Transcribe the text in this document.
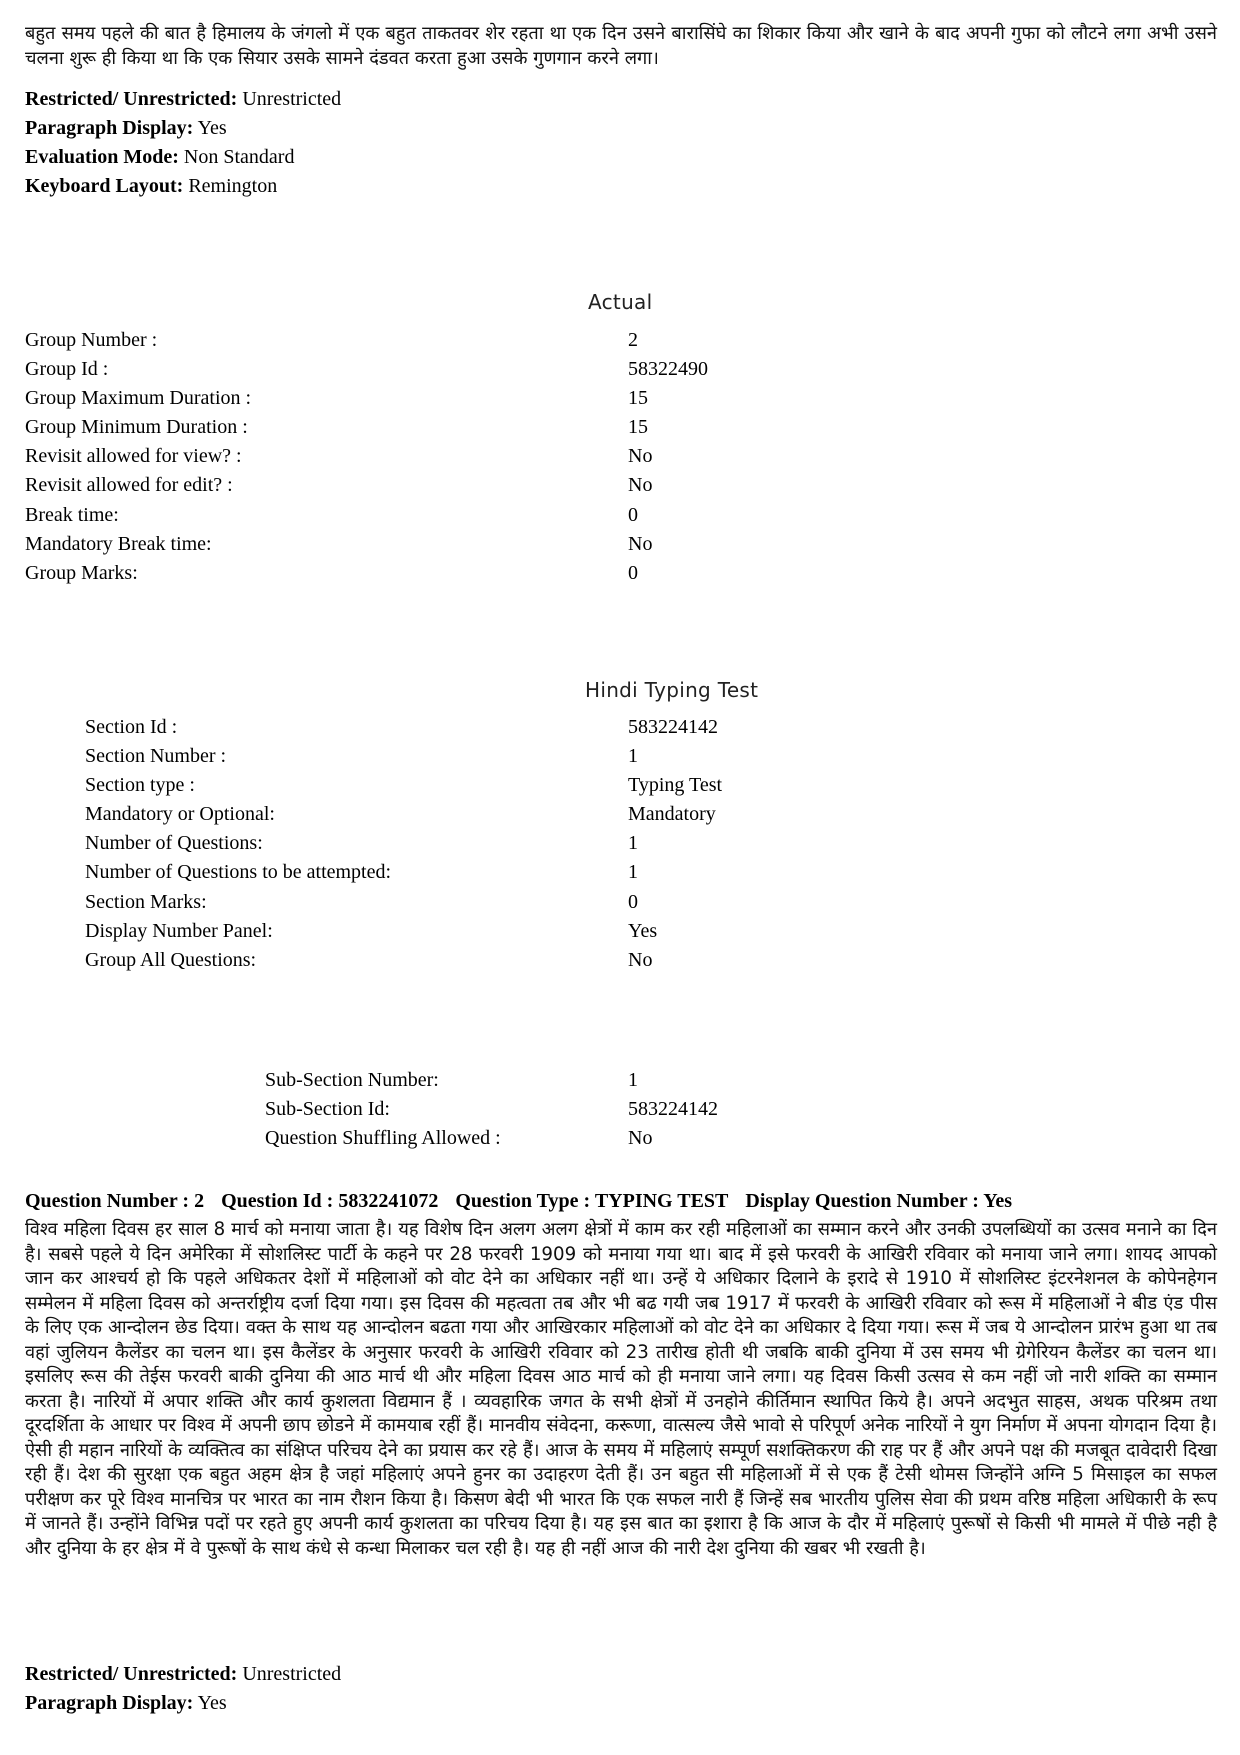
बहुत समय पहले की बात है हिमालय के जंगलो में एक बहुत ताकतवर शेर रहता था एक दिन उसने बारासिंघे का शिकार किया और खाने के बाद अपनी गुफा को लौटने लगा अभी उसने चलना शुरू ही किया था कि एक सियार उसके सामने दंडवत करता हुआ उसके गुणगान करने लगा।

Restricted/ Unrestricted: Unrestricted
Paragraph Display: Yes
Evaluation Mode: Non Standard
Keyboard Layout: Remington
Actual
Group Number :	2
Group Id :	58322490
Group Maximum Duration :	15
Group Minimum Duration :	15
Revisit allowed for view? :	No
Revisit allowed for edit? :	No
Break time:	0
Mandatory Break time:	No
Group Marks:	0
Hindi Typing Test
Section Id :	583224142
Section Number :	1
Section type :	Typing Test
Mandatory or Optional:	Mandatory
Number of Questions:	1
Number of Questions to be attempted:	1
Section Marks:	0
Display Number Panel:	Yes
Group All Questions:	No
Sub-Section Number:	1
Sub-Section Id:	583224142
Question Shuffling Allowed :	No
Question Number : 2 Question Id : 5832241072 Question Type : TYPING TEST Display Question Number : Yes

विश्व महिला दिवस हर साल 8 मार्च को मनाया जाता है। यह विशेष दिन अलग अलग क्षेत्रों में काम कर रही महिलाओं का सम्मान करने और उनकी उपलब्धियों का उत्सव मनाने का दिन है। सबसे पहले ये दिन अमेरिका में सोशलिस्ट पार्टी के कहने पर 28 फरवरी 1909 को मनाया गया था। बाद में इसे फरवरी के आखिरी रविवार को मनाया जाने लगा। शायद आपको जान कर आश्चर्य हो कि पहले अधिकतर देशों में महिलाओं को वोट देने का अधिकार नहीं था। उन्हें ये अधिकार दिलाने के इरादे से 1910 में सोशलिस्ट इंटरनेशनल के कोपेनहेगन सम्मेलन में महिला दिवस को अन्तर्राष्ट्रीय दर्जा दिया गया। इस दिवस की महत्वता तब और भी बढ गयी जब 1917 में फरवरी के आखिरी रविवार को रूस में महिलाओं ने बीड एंड पीस के लिए एक आन्दोलन छेड दिया। वक्त के साथ यह आन्दोलन बढता गया और आखिरकार महिलाओं को वोट देने का अधिकार दे दिया गया। रूस में जब ये आन्दोलन प्रारंभ हुआ था तब वहां जुलियन कैलेंडर का चलन था। इस कैलेंडर के अनुसार फरवरी के आखिरी रविवार को 23 तारीख होती थी जबकि बाकी दुनिया में उस समय भी ग्रेगेरियन कैलेंडर का चलन था। इसलिए रूस की तेईस फरवरी बाकी दुनिया की आठ मार्च थी और महिला दिवस आठ मार्च को ही मनाया जाने लगा। यह दिवस किसी उत्सव से कम नहीं जो नारी शक्ति का सम्मान करता है। नारियों में अपार शक्ति और कार्य कुशलता विद्यमान हैं । व्यवहारिक जगत के सभी क्षेत्रों में उनहोने कीर्तिमान स्थापित किये है। अपने अदभुत साहस, अथक परिश्रम तथा दूरदर्शिता के आधार पर विश्व में अपनी छाप छोडने में कामयाब रहीं हैं। मानवीय संवेदना, करूणा, वात्सल्य जैसे भावो से परिपूर्ण अनेक नारियों ने युग निर्माण में अपना योगदान दिया है। ऐसी ही महान नारियों के व्यक्तित्व का संक्षिप्त परिचय देने का प्रयास कर रहे हैं। आज के समय में महिलाएं सम्पूर्ण सशक्तिकरण की राह पर हैं और अपने पक्ष की मजबूत दावेदारी दिखा रही हैं। देश की सुरक्षा एक बहुत अहम क्षेत्र है जहां महिलाएं अपने हुनर का उदाहरण देती हैं। उन बहुत सी महिलाओं में से एक हैं टेसी थोमस जिन्होंने अग्नि 5 मिसाइल का सफल परीक्षण कर पूरे विश्व मानचित्र पर भारत का नाम रौशन किया है। किसण बेदी भी भारत कि एक सफल नारी हैं जिन्हें सब भारतीय पुलिस सेवा की प्रथम वरिष्ठ महिला अधिकारी के रूप में जानते हैं। उन्होंने विभिन्न पदों पर रहते हुए अपनी कार्य कुशलता का परिचय दिया है। यह इस बात का इशारा है कि आज के दौर में महिलाएं पुरूषों से किसी भी मामले में पीछे नही है और दुनिया के हर क्षेत्र में वे पुरूषों के साथ कंधे से कन्धा मिलाकर चल रही है। यह ही नहीं आज की नारी देश दुनिया की खबर भी रखती है।

Restricted/ Unrestricted: Unrestricted
Paragraph Display: Yes
